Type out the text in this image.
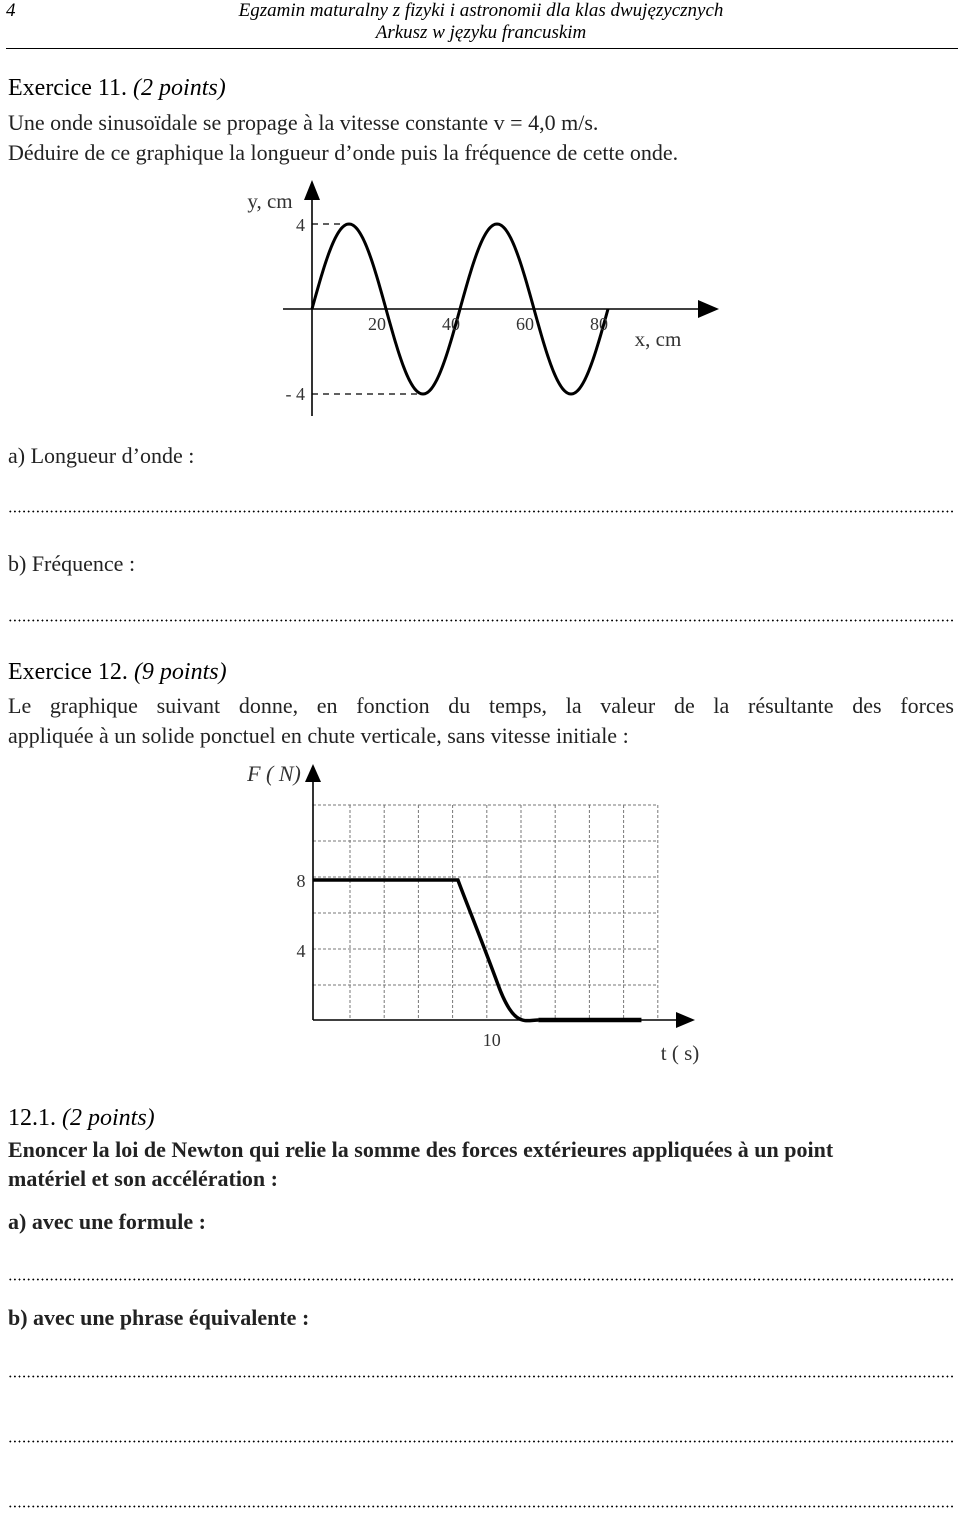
4	Egzamin maturalny z fizyki i astronomii dla klas dwujęzycznych
Arkusz w języku francuskim
Exercice 11. (2 points)
Une onde sinusoïdale se propage à la vitesse constante v = 4,0 m/s.
Déduire de ce graphique la longueur d’onde puis la fréquence de cette onde.
20	40	60	80
4
- 4
y, cm
x, cm
a) Longueur d’onde :
b) Fréquence :
Exercice 12. (9 points)
Le graphique suivant donne, en fonction du temps, la valeur de la résultante des forces
appliquée à un solide ponctuel en chute verticale, sans vitesse initiale :
8
4
10
F ( N)
t ( s)
12.1. (2 points)
Enoncer la loi de Newton qui relie la somme des forces extérieures appliquées à un point
matériel et son accélération :
a) avec une formule :
b) avec une phrase équivalente :
